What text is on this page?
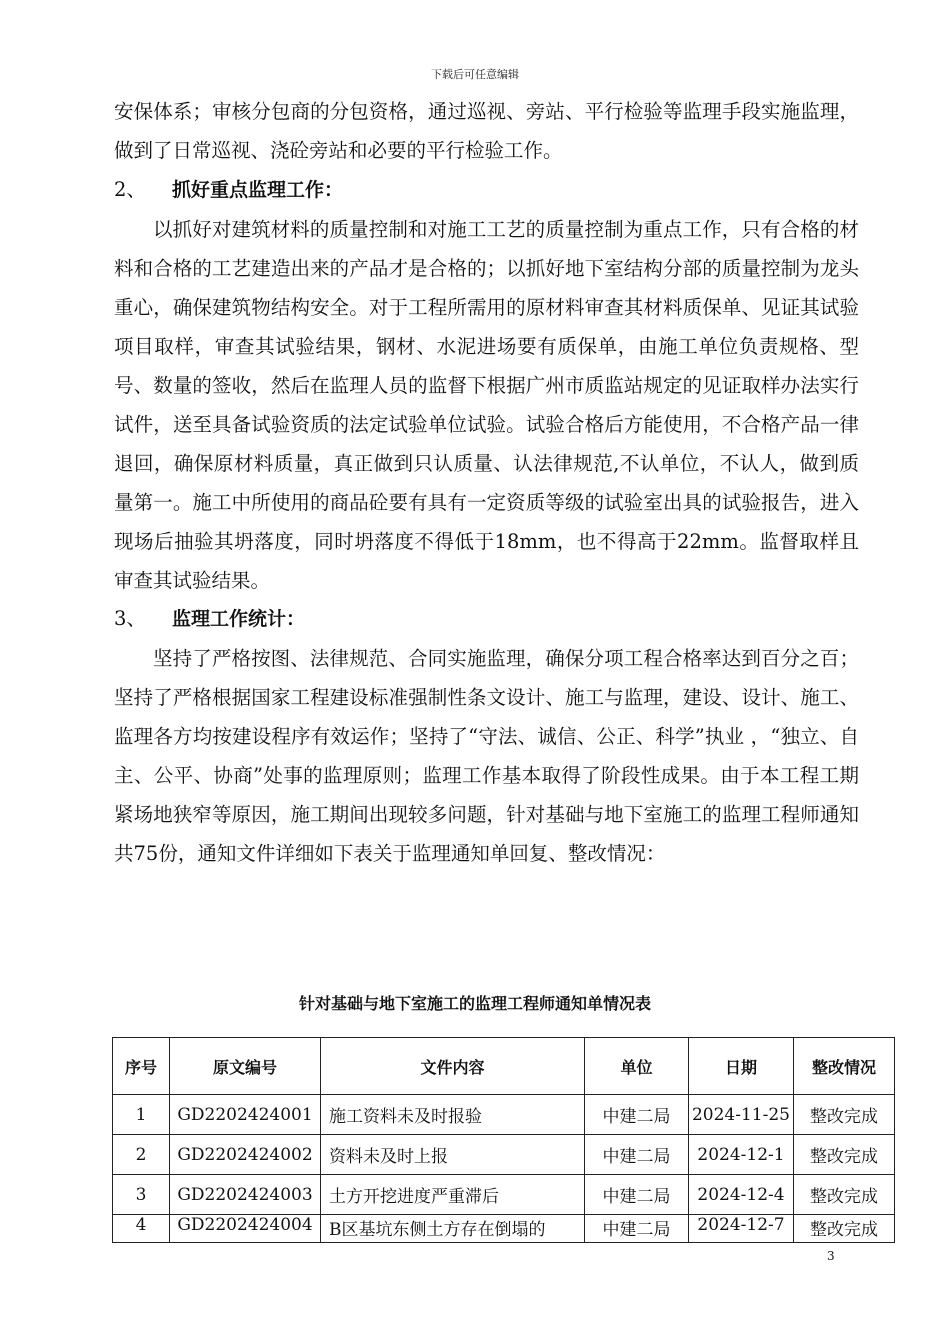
下载后可任意编辑

安保体系；审核分包商的分包资格，通过巡视、旁站、平行检验等监理手段实施监理，做到了日常巡视、浇砼旁站和必要的平行检验工作。

2、 抓好重点监理工作：

以抓好对建筑材料的质量控制和对施工工艺的质量控制为重点工作，只有合格的材料和合格的工艺建造出来的产品才是合格的；以抓好地下室结构分部的质量控制为龙头重心，确保建筑物结构安全。对于工程所需用的原材料审查其材料质保单、见证其试验项目取样，审查其试验结果，钢材、水泥进场要有质保单，由施工单位负责规格、型号、数量的签收，然后在监理人员的监督下根据广州市质监站规定的见证取样办法实行试件，送至具备试验资质的法定试验单位试验。试验合格后方能使用，不合格产品一律退回，确保原材料质量，真正做到只认质量、认法律规范,不认单位，不认人，做到质量第一。施工中所使用的商品砼要有具有一定资质等级的试验室出具的试验报告，进入现场后抽验其坍落度，同时坍落度不得低于18mm，也不得高于22mm。监督取样且审查其试验结果。

3、 监理工作统计：

坚持了严格按图、法律规范、合同实施监理，确保分项工程合格率达到百分之百；坚持了严格根据国家工程建设标准强制性条文设计、施工与监理，建设、设计、施工、监理各方均按建设程序有效运作；坚持了“守法、诚信、公正、科学”执业 ，“独立、自主、公平、协商”处事的监理原则；监理工作基本取得了阶段性成果。由于本工程工期紧场地狭窄等原因，施工期间出现较多问题，针对基础与地下室施工的监理工程师通知共75份，通知文件详细如下表关于监理通知单回复、整改情况：

针对基础与地下室施工的监理工程师通知单情况表
序号	原文编号	文件内容	单位	日期	整改情况
1	GD2202424001	施工资料未及时报验	中建二局	2024-11-25	整改完成
2	GD2202424002	资料未及时上报	中建二局	2024-12-1	整改完成
3	GD2202424003	土方开挖进度严重滞后	中建二局	2024-12-4	整改完成
4	GD2202424004	B区基坑东侧土方存在倒塌的	中建二局	2024-12-7	整改完成
3
